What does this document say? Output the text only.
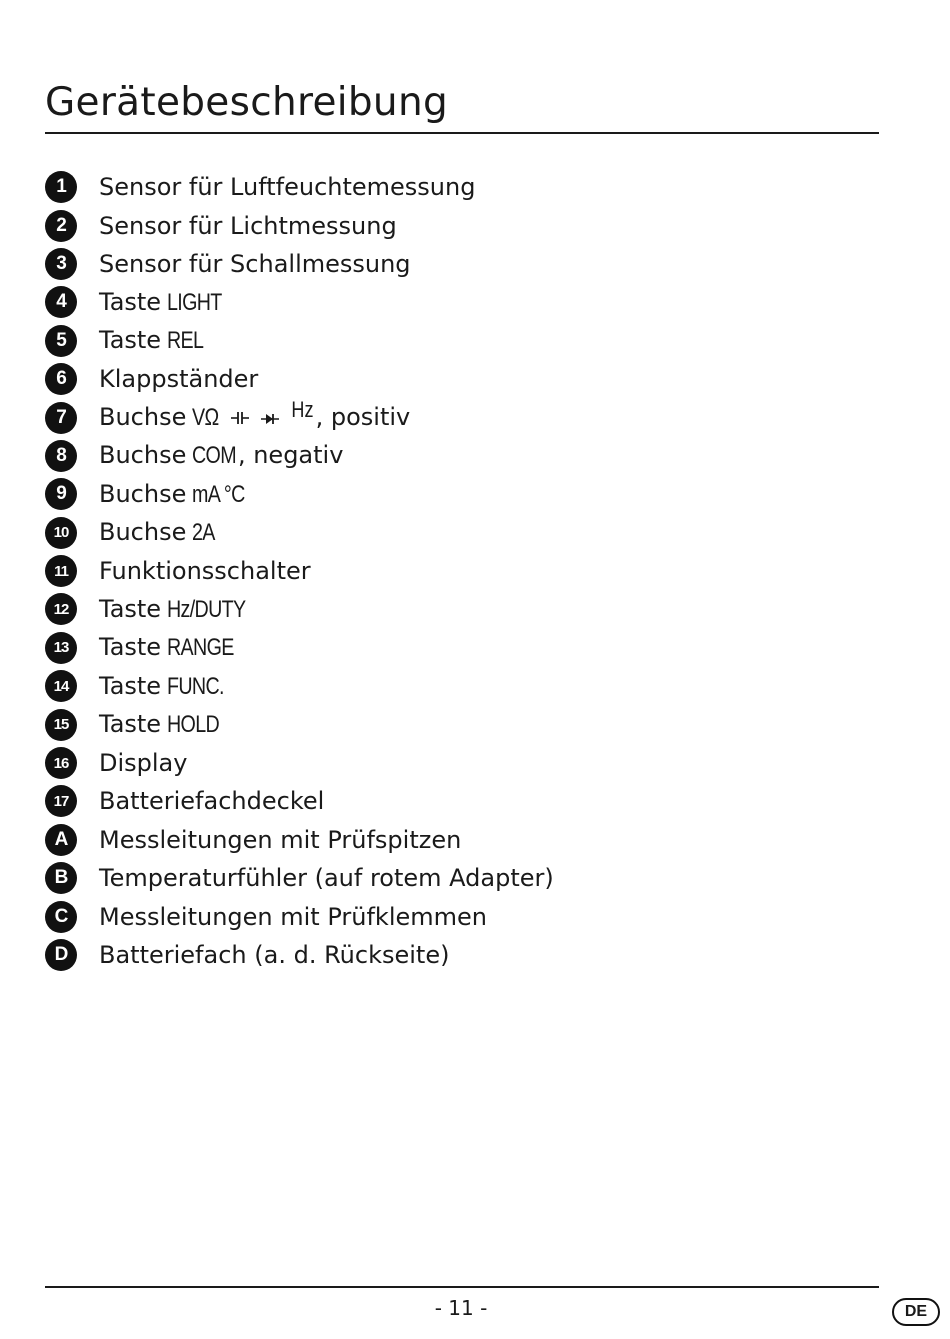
Gerätebeschreibung
1	Sensor für Luftfeuchtemessung
2	Sensor für Lichtmessung
3	Sensor für Schallmessung
4	Taste LIGHT
5	Taste REL
6	Klappständer
7	Buchse VΩ	Hz , positiv
8	Buchse COM , negativ
9	Buchse mA °C
10	Buchse 2A
11	Funktionsschalter
12	Taste Hz/DUTY
13	Taste RANGE
14	Taste FUNC.
15	Taste HOLD
16	Display
17	Batteriefachdeckel
A	Messleitungen mit Prüfspitzen
B	Temperaturfühler (auf rotem Adapter)
C	Messleitungen mit Prüfklemmen
D	Batteriefach (a. d. Rückseite)
- 11 -	DE
